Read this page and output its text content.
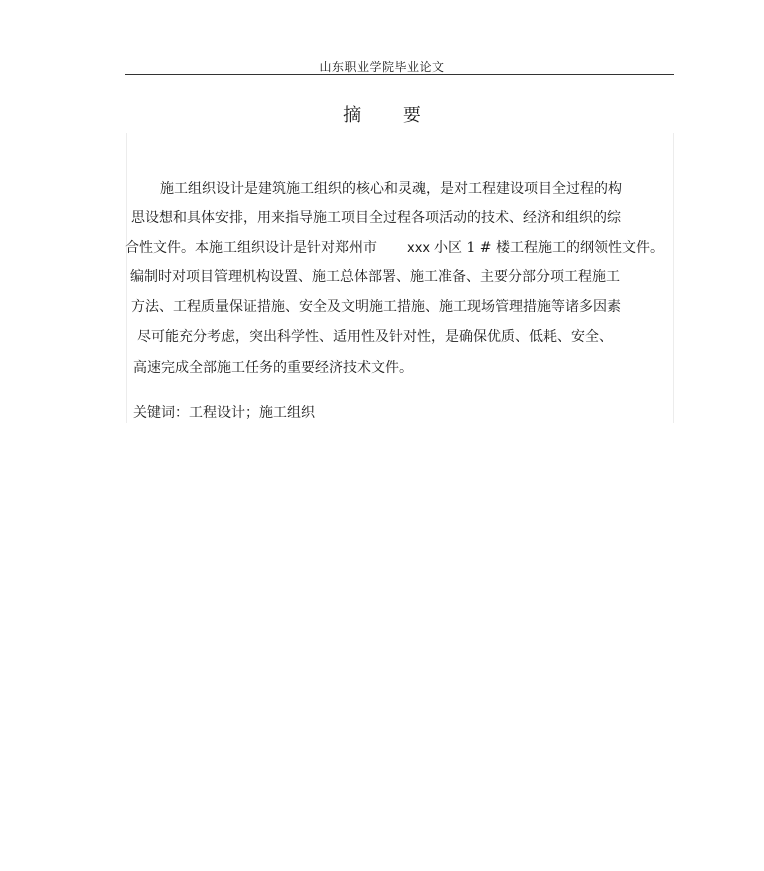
山东职业学院毕业论文
摘 要
施工组织设计是建筑施工组织的核心和灵魂，是对工程建设项目全过程的构
思设想和具体安排，用来指导施工项目全过程各项活动的技术、经济和组织的综
合性文件。本施工组织设计是针对郑州市 xxx 小区 1 # 楼工程施工的纲领性文件。
编制时对项目管理机构设置、施工总体部署、施工准备、主要分部分项工程施工
方法、工程质量保证措施、安全及文明施工措施、施工现场管理措施等诸多因素
尽可能充分考虑，突出科学性、适用性及针对性，是确保优质、低耗、安全、
高速完成全部施工任务的重要经济技术文件。
关键词：工程设计；施工组织
